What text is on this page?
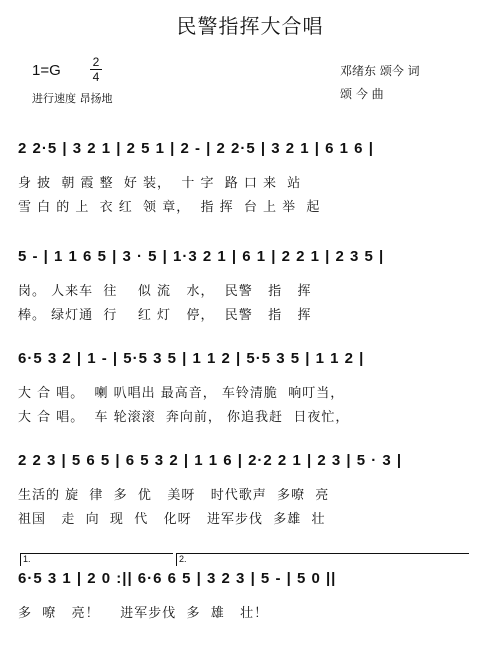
民警指挥大合唱
1=G	2
4
进行速度 昂扬地
邓绪东 颂今 词
颂 今 曲
2 2·5 | 3 2 1 | 2 5 1 | 2 - | 2 2·5 | 3 2 1 | 6 1 6 |
身 披  朝 霞 整  好 装，  十 字  路 口 来  站
雪 白 的 上  衣 红  领 章，  指 挥  台 上 举  起
5 - | 1 1 6 5 | 3 · 5 | 1·3 2 1 | 6 1 | 2 2 1 | 2 3 5 |
岗。 人来车  往    似 流   水，  民警   指   挥
棒。 绿灯通  行    红 灯   停，  民警   指   挥
6·5 3 2 | 1 - | 5·5 3 5 | 1 1 2 | 5·5 3 5 | 1 1 2 |
大 合 唱。  喇 叭唱出 最高音， 车铃清脆  响叮当，
大 合 唱。  车 轮滚滚  奔向前， 你追我赶  日夜忙，
2 2 3 | 5 6 5 | 6 5 3 2 | 1 1 6 | 2·2 2 1 | 2 3 | 5 · 3 |
生活的 旋  律  多  优   美呀   时代歌声  多嘹  亮
祖国   走  向  现  代   化呀   进军步伐  多雄  壮
1.	2.
6·5 3 1 | 2 0 :|| 6·6 6 5 | 3 2 3 | 5 - | 5 0 ||
多  嘹   亮！    进军步伐  多  雄   壮！
